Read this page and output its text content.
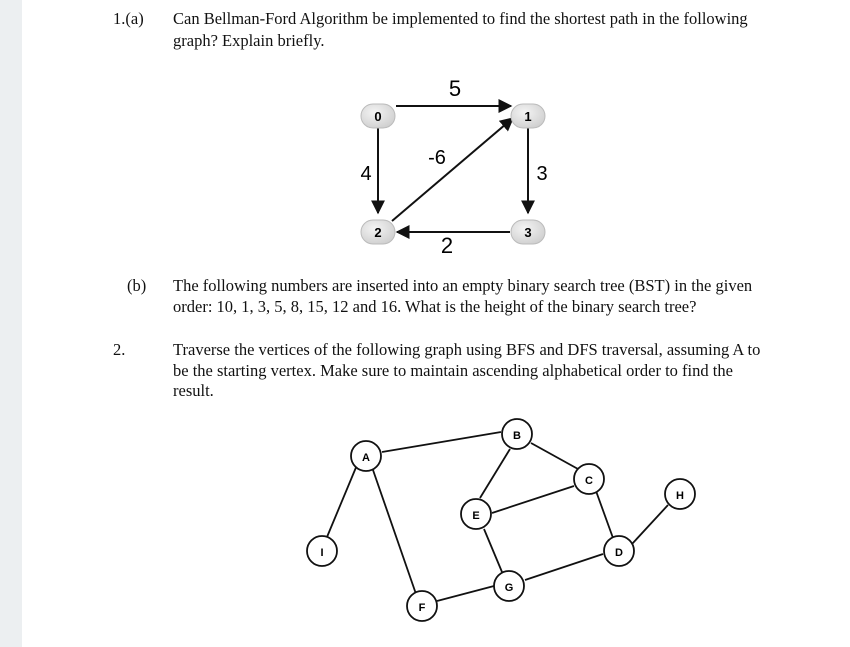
1.(a) Can Bellman-Ford Algorithm be implemented to find the shortest path in the following
graph? Explain briefly.
0	1
2	3
5
4	3
2
-6
(b) The following numbers are inserted into an empty binary search tree (BST) in the given
order: 10, 1, 3, 5, 8, 15, 12 and 16. What is the height of the binary search tree?
2.	Traverse the vertices of the following graph using BFS and DFS traversal, assuming A to
be the starting vertex. Make sure to maintain ascending alphabetical order to find the
result.
A
B
C
D
E
F
G
H
I
